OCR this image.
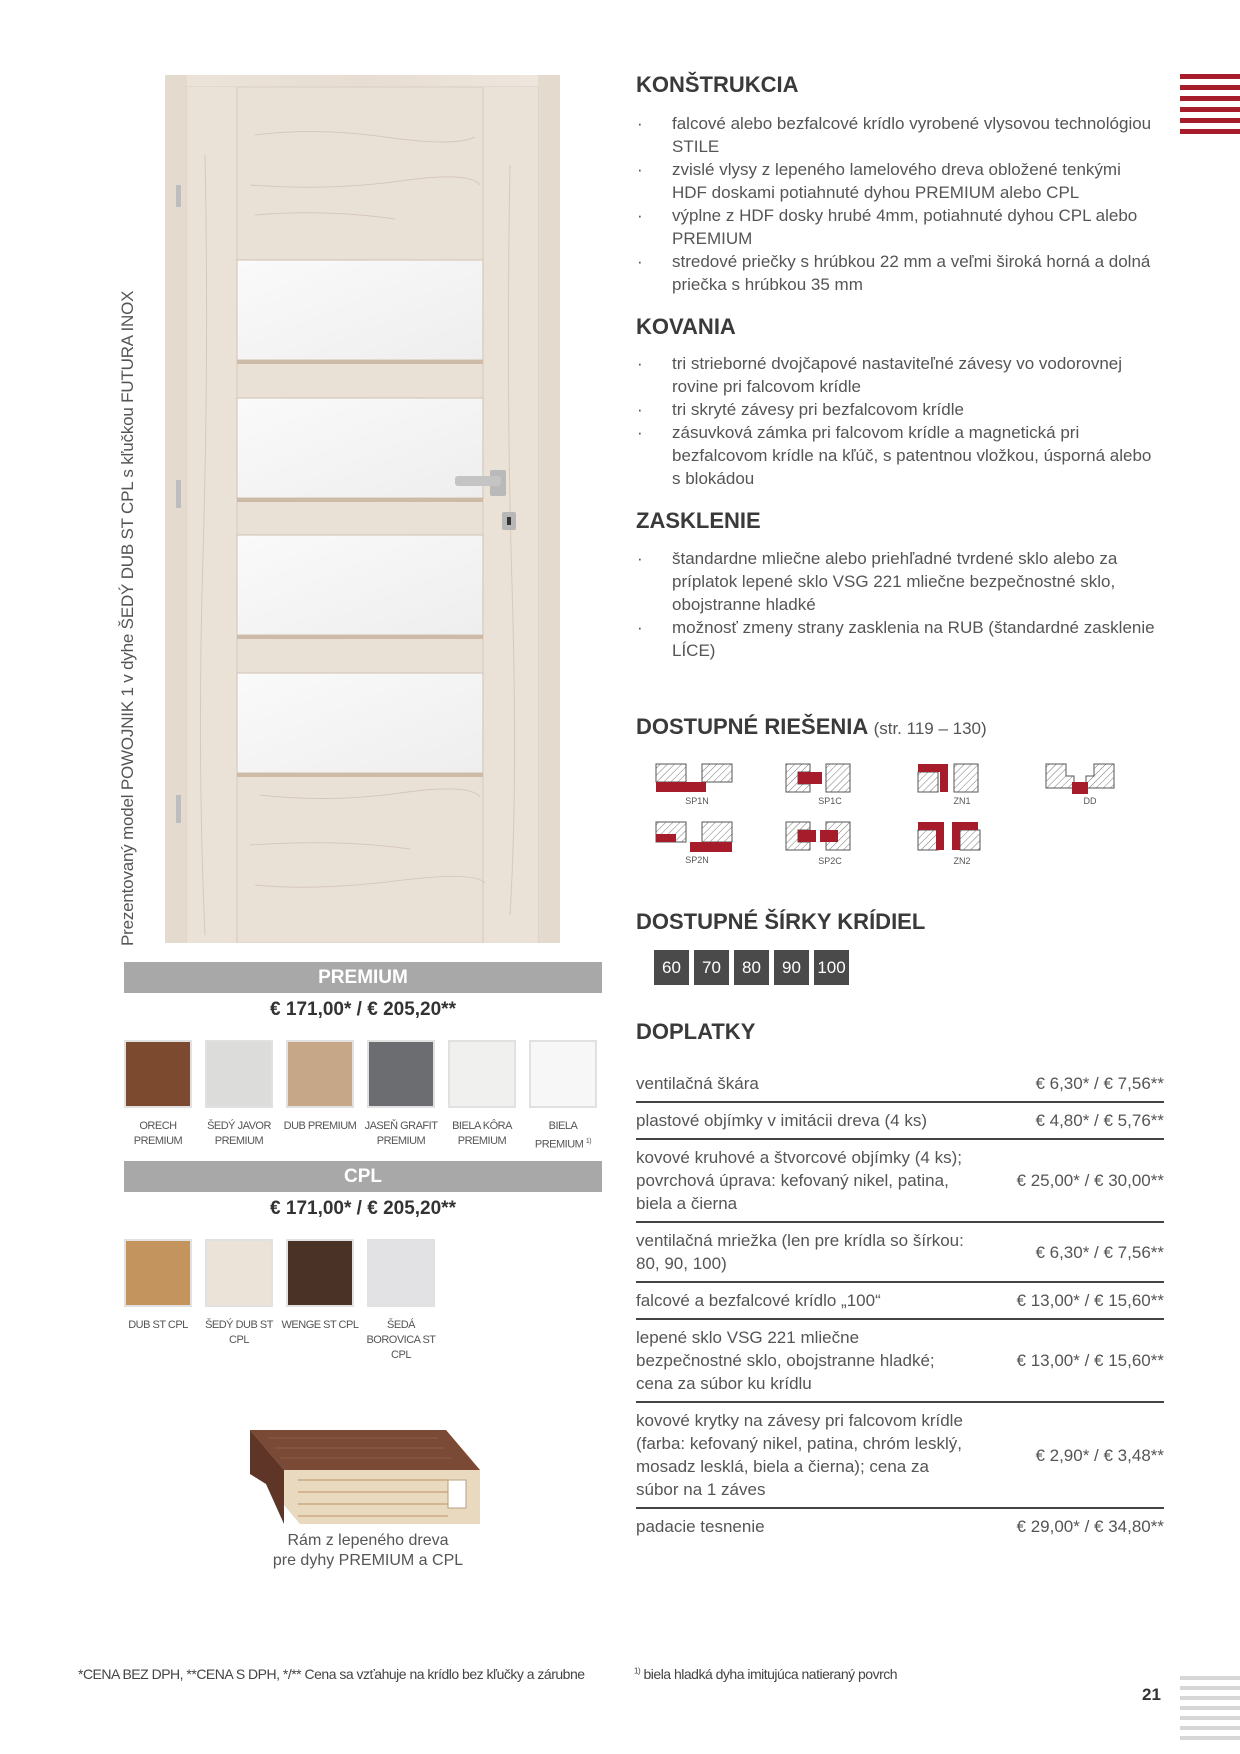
Prezentovaný model POWOJNIK 1 v dyhe ŠEDÝ DUB ST CPL s kľučkou FUTURA INOX
PREMIUM
€ 171,00* / € 205,20**
ORECH PREMIUM
ŠEDÝ JAVOR PREMIUM
DUB PREMIUM JASEŇ GRAFIT PREMIUM
BIELA KÔRA PREMIUM
BIELA PREMIUM $^{1)}$
CPL
€ 171,00* / € 205,20**
DUB ST CPL	ŠEDÝ DUB ST CPL
WENGE ST CPL	ŠEDÁ BOROVICA ST CPL
Rám z lepeného dreva
pre dyhy PREMIUM a CPL
KONŠTRUKCIA
· falcové alebo bezfalcové krídlo vyrobené vlysovou technológiou STILE
· zvislé vlysy z lepeného lamelového dreva obložené tenkými HDF doskami potiahnuté dyhou PREMIUM alebo CPL
· výplne z HDF dosky hrubé 4mm, potiahnuté dyhou CPL alebo PREMIUM
· stredové priečky s hrúbkou 22 mm a veľmi široká horná a dolná priečka s hrúbkou 35 mm
KOVANIA
· tri strieborné dvojčapové nastaviteľné závesy vo vodorovnej rovine pri falcovom krídle
· tri skryté závesy pri bezfalcovom krídle
· zásuvková zámka pri falcovom krídle a magnetická pri bezfalcovom krídle na kľúč, s patentnou vložkou, úsporná alebo s blokádou
ZASKLENIE
· štandardne mliečne alebo priehľadné tvrdené sklo alebo za príplatok lepené sklo VSG 221 mliečne bezpečnostné sklo, obojstranne hladké
· možnosť zmeny strany zasklenia na RUB (štandardné zasklenie LÍCE)
DOSTUPNÉ RIEŠENIA (str. 119 – 130)
SP1N	SP1C	ZN1	DD
SP2N	SP2C	ZN2
DOSTUPNÉ ŠÍRKY KRÍDIEL
60	70	80	90 100
DOPLATKY
ventilačná škára	€ 6,30* / € 7,56**
plastové objímky v imitácii dreva (4 ks)	€ 4,80* / € 5,76**
kovové kruhové a štvorcové objímky (4 ks); povrchová úprava: kefovaný nikel, patina, biela a čierna	€ 25,00* / € 30,00**
ventilačná mriežka (len pre krídla so šírkou: 80, 90, 100)	€ 6,30* / € 7,56**
falcové a bezfalcové krídlo „100“	€ 13,00* / € 15,60**
lepené sklo VSG 221 mliečne bezpečnostné sklo, obojstranne hladké; cena za súbor ku krídlu	€ 13,00* / € 15,60**
kovové krytky na závesy pri falcovom krídle
(farba: kefovaný nikel, patina, chróm lesklý, mosadz lesklá, biela a čierna); cena za súbor na 1 záves	€ 2,90* / € 3,48**
padacie tesnenie	€ 29,00* / € 34,80**
*CENA BEZ DPH, **CENA S DPH, */** Cena sa vzťahuje na krídlo bez kľučky a zárubne	$^{1)}$ biela hladká dyha imitujúca natieraný povrch
21
